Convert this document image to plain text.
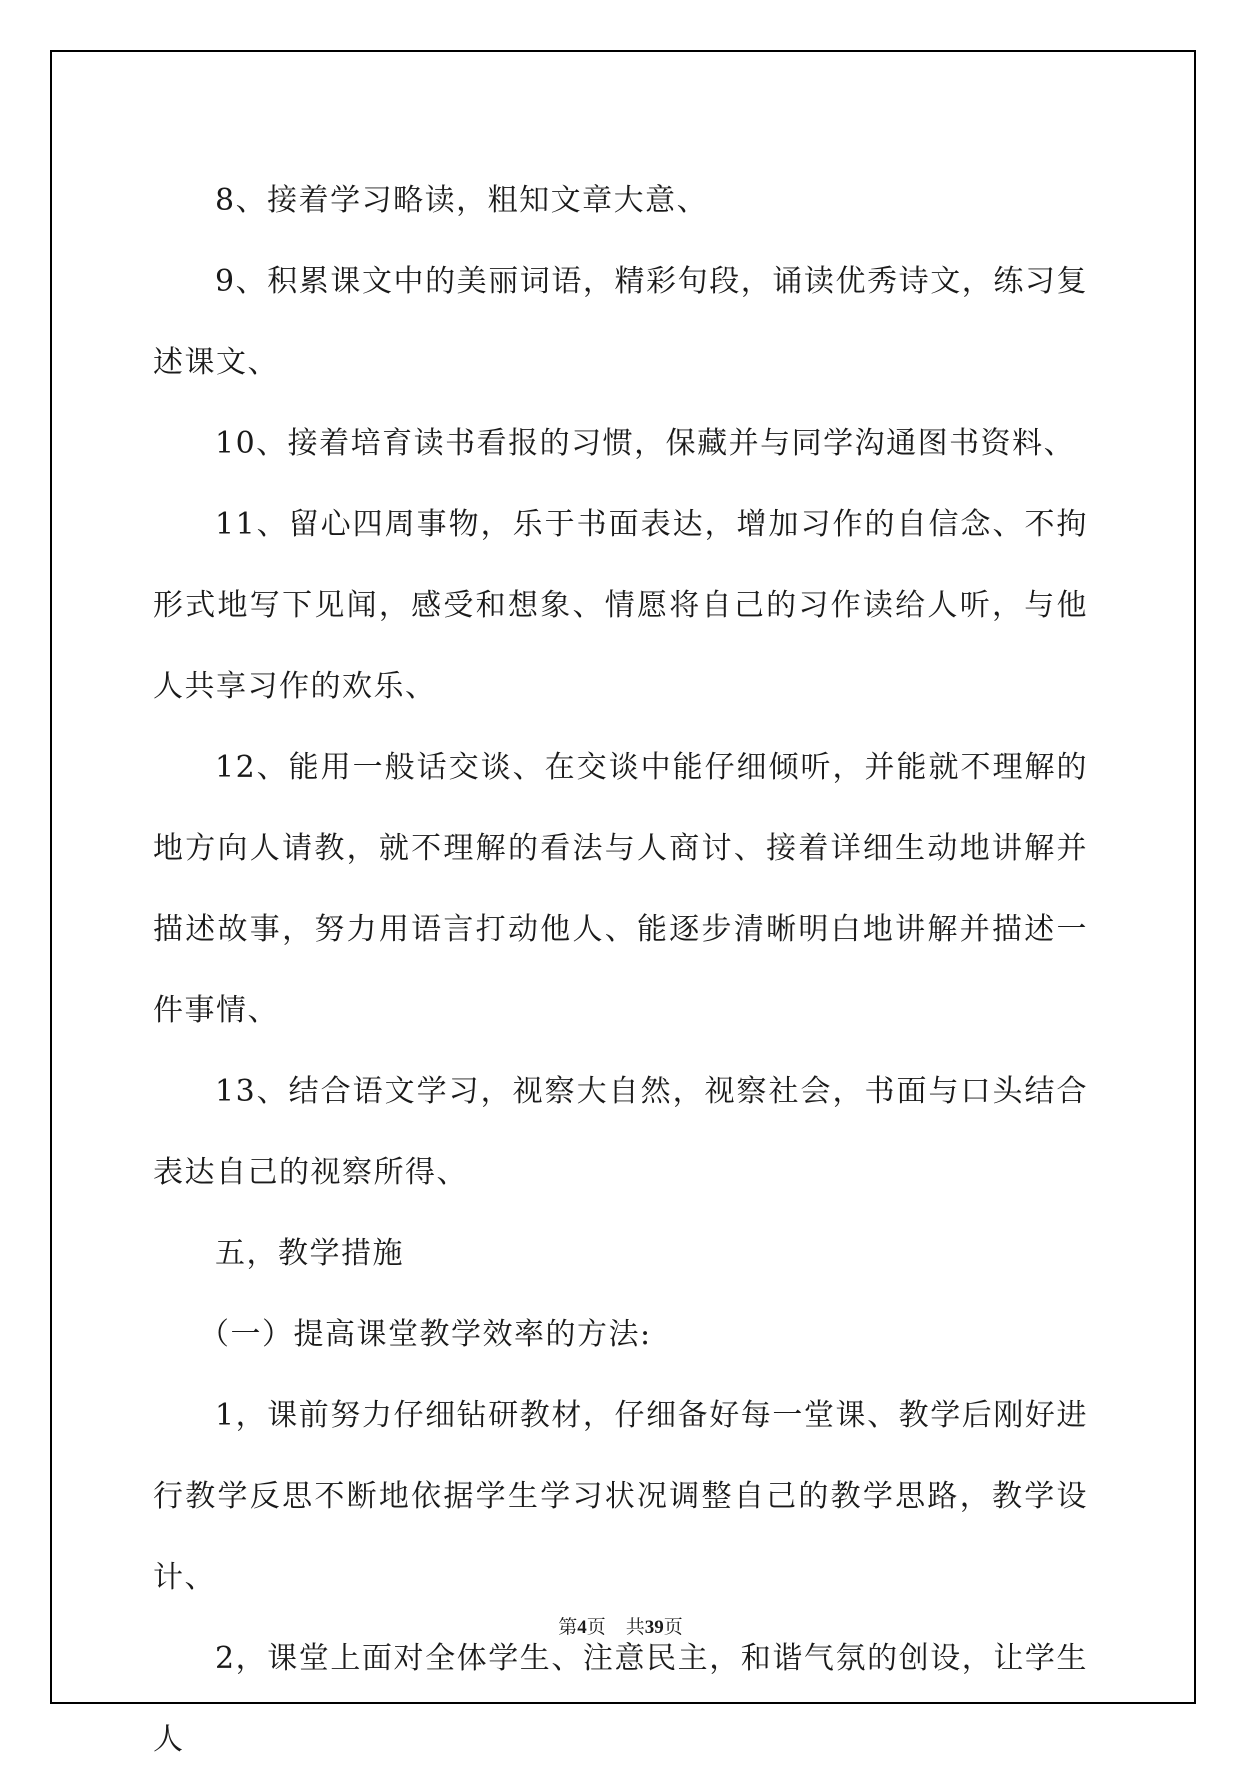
8、接着学习略读，粗知文章大意、

9、积累课文中的美丽词语，精彩句段，诵读优秀诗文，练习复述课文、

10、接着培育读书看报的习惯，保藏并与同学沟通图书资料、

11、留心四周事物，乐于书面表达，增加习作的自信念、不拘形式地写下见闻，感受和想象、情愿将自己的习作读给人听，与他人共享习作的欢乐、

12、能用一般话交谈、在交谈中能仔细倾听，并能就不理解的地方向人请教，就不理解的看法与人商讨、接着详细生动地讲解并描述故事，努力用语言打动他人、能逐步清晰明白地讲解并描述一件事情、

13、结合语文学习，视察大自然，视察社会，书面与口头结合表达自己的视察所得、

五，教学措施

（一）提高课堂教学效率的方法:

1，课前努力仔细钻研教材，仔细备好每一堂课、教学后刚好进行教学反思不断地依据学生学习状况调整自己的教学思路，教学设计、

2，课堂上面对全体学生、注意民主，和谐气氛的创设，让学生人

第4页 共39页
